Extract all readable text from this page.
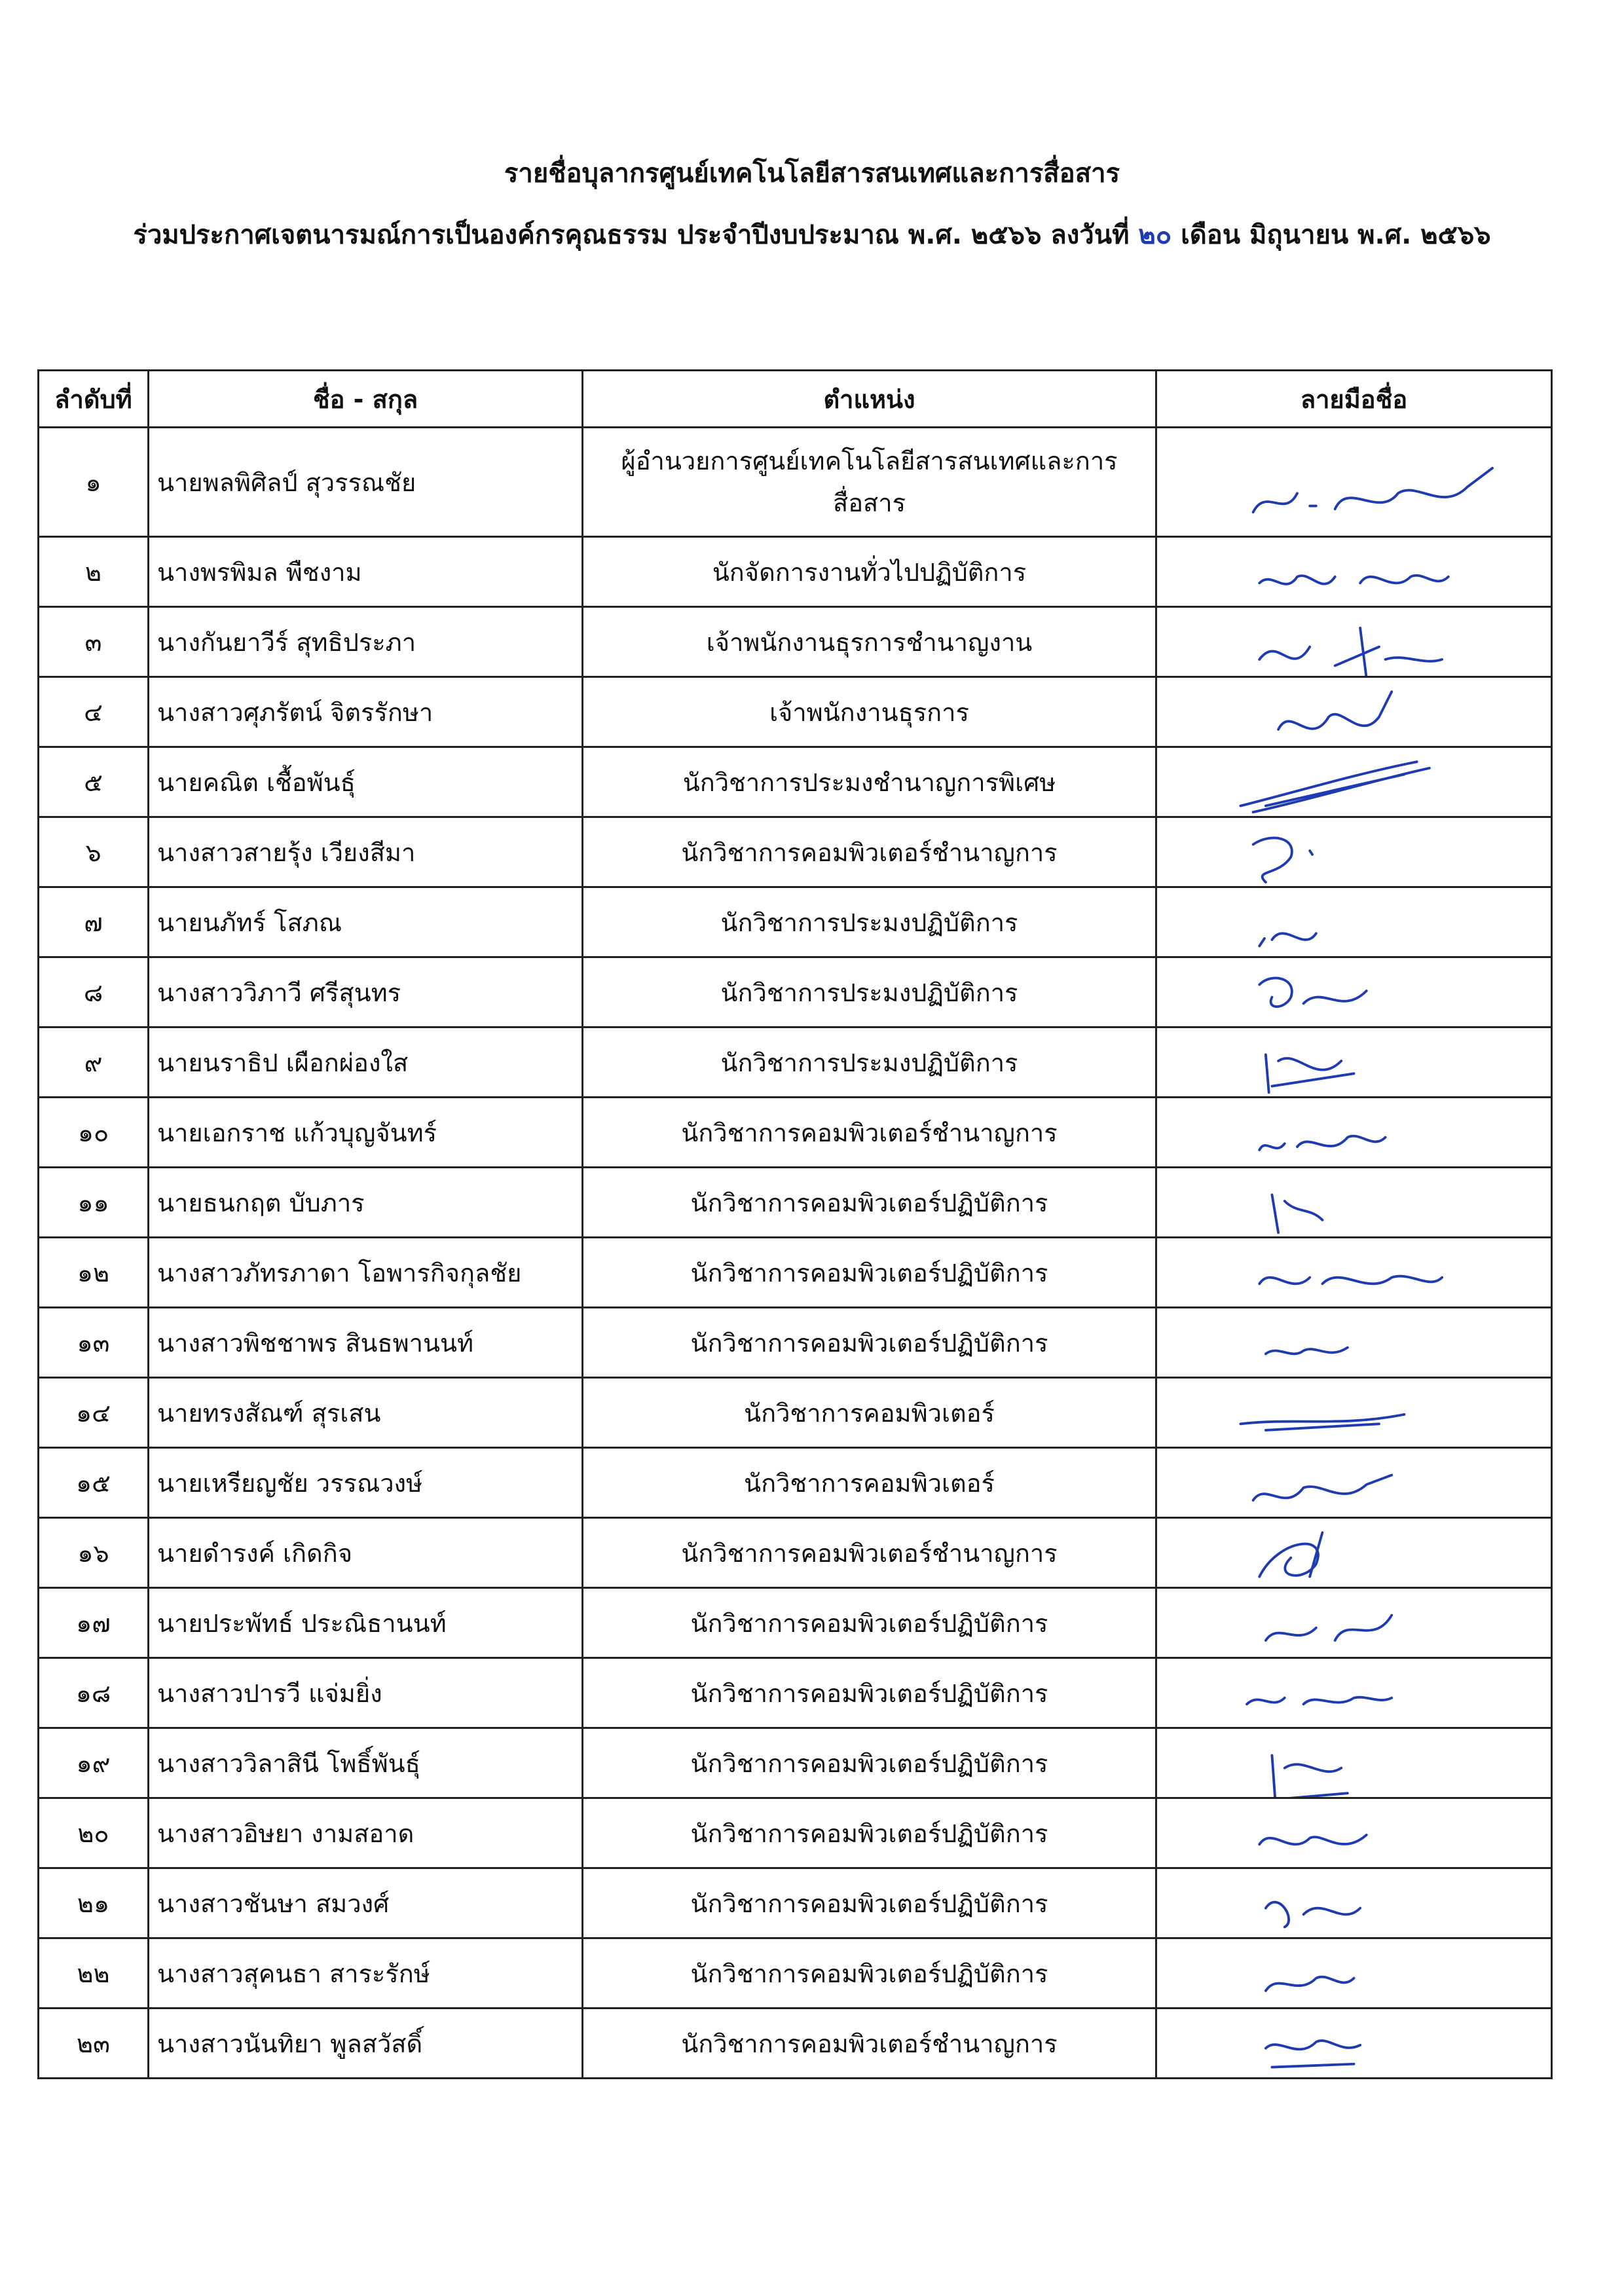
รายชื่อบุลากรศูนย์เทคโนโลยีสารสนเทศและการสื่อสาร
ร่วมประกาศเจตนารมณ์การเป็นองค์กรคุณธรรม ประจำปีงบประมาณ พ.ศ. ๒๕๖๖ ลงวันที่ ๒๐ เดือน มิถุนายน พ.ศ. ๒๕๖๖
ลำดับที่	ชื่อ - สกุล	ตำแหน่ง	ลายมือชื่อ
๑	นายพลพิศิลป์ สุวรรณชัย	ผู้อำนวยการศูนย์เทคโนโลยีสารสนเทศและการสื่อสาร	

๒	นางพรพิมล พืชงาม	นักจัดการงานทั่วไปปฏิบัติการ	

๓	นางกันยาวีร์ สุทธิประภา	เจ้าพนักงานธุรการชำนาญงาน	

๔	นางสาวศุภรัตน์ จิตรรักษา	เจ้าพนักงานธุรการ	

๕	นายคณิต เชื้อพันธุ์	นักวิชาการประมงชำนาญการพิเศษ	

๖	นางสาวสายรุ้ง เวียงสีมา	นักวิชาการคอมพิวเตอร์ชำนาญการ	

๗	นายนภัทร์ โสภณ	นักวิชาการประมงปฏิบัติการ	

๘	นางสาววิภาวี ศรีสุนทร	นักวิชาการประมงปฏิบัติการ	

๙	นายนราธิป เผือกผ่องใส	นักวิชาการประมงปฏิบัติการ	

๑๐	นายเอกราช แก้วบุญจันทร์	นักวิชาการคอมพิวเตอร์ชำนาญการ	

๑๑	นายธนกฤต บับภาร	นักวิชาการคอมพิวเตอร์ปฏิบัติการ	

๑๒	นางสาวภัทรภาดา โอพารกิจกุลชัย	นักวิชาการคอมพิวเตอร์ปฏิบัติการ	

๑๓	นางสาวพิชชาพร สินธพานนท์	นักวิชาการคอมพิวเตอร์ปฏิบัติการ	

๑๔	นายทรงสัณฑ์ สุรเสน	นักวิชาการคอมพิวเตอร์	

๑๕	นายเหรียญชัย วรรณวงษ์	นักวิชาการคอมพิวเตอร์	

๑๖	นายดำรงค์ เกิดกิจ	นักวิชาการคอมพิวเตอร์ชำนาญการ	

๑๗	นายประพัทธ์ ประณิธานนท์	นักวิชาการคอมพิวเตอร์ปฏิบัติการ	

๑๘	นางสาวปารวี แจ่มยิ่ง	นักวิชาการคอมพิวเตอร์ปฏิบัติการ	

๑๙	นางสาววิลาสินี โพธิ์พันธุ์	นักวิชาการคอมพิวเตอร์ปฏิบัติการ	

๒๐	นางสาวอิษยา งามสอาด	นักวิชาการคอมพิวเตอร์ปฏิบัติการ	

๒๑	นางสาวชันษา สมวงศ์	นักวิชาการคอมพิวเตอร์ปฏิบัติการ	

๒๒	นางสาวสุคนธา สาระรักษ์	นักวิชาการคอมพิวเตอร์ปฏิบัติการ	

๒๓	นางสาวนันทิยา พูลสวัสดิ์	นักวิชาการคอมพิวเตอร์ชำนาญการ	
